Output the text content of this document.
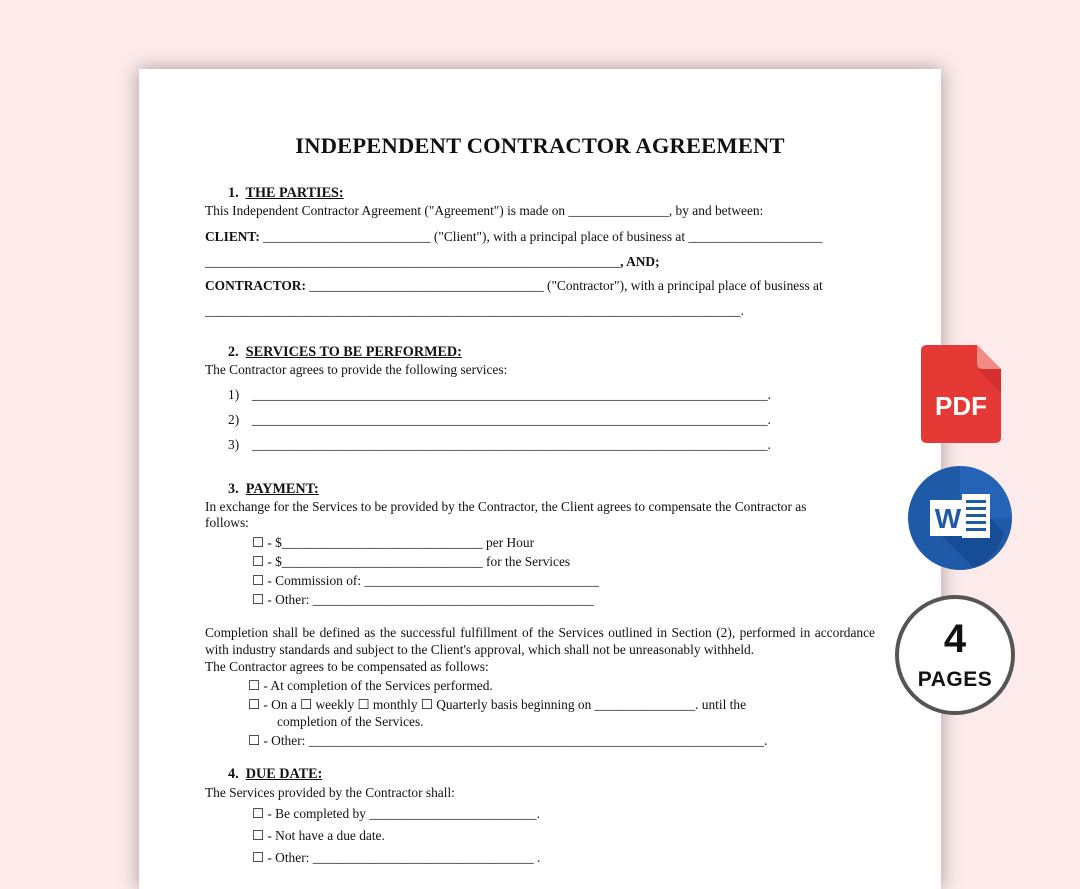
INDEPENDENT CONTRACTOR AGREEMENT
1. THE PARTIES:
This Independent Contractor Agreement ("Agreement") is made on _______________, by and between:
CLIENT: _________________________ ("Client"), with a principal place of business at ____________________
______________________________________________________________, AND;
CONTRACTOR: ___________________________________ ("Contractor"), with a principal place of business at
________________________________________________________________________________.
2. SERVICES TO BE PERFORMED:
The Contractor agrees to provide the following services:
1) _____________________________________________________________________________.
2) _____________________________________________________________________________.
3) _____________________________________________________________________________.
3. PAYMENT:
In exchange for the Services to be provided by the Contractor, the Client agrees to compensate the Contractor as
follows:
☐ - $______________________________ per Hour
☐ - $______________________________ for the Services
☐ - Commission of: ___________________________________
☐ - Other: __________________________________________
Completion shall be defined as the successful fulfillment of the Services outlined in Section (2), performed in accordance with industry standards and subject to the Client's approval, which shall not be unreasonably withheld.
The Contractor agrees to be compensated as follows:
☐ - At completion of the Services performed.
☐ - On a ☐ weekly ☐ monthly ☐ Quarterly basis beginning on _______________. until the
completion of the Services.
☐ - Other: ____________________________________________________________________.
4. DUE DATE:
The Services provided by the Contractor shall:
☐ - Be completed by _________________________.
☐ - Not have a due date.
☐ - Other: _________________________________ .
PDF
W
4
PAGES
